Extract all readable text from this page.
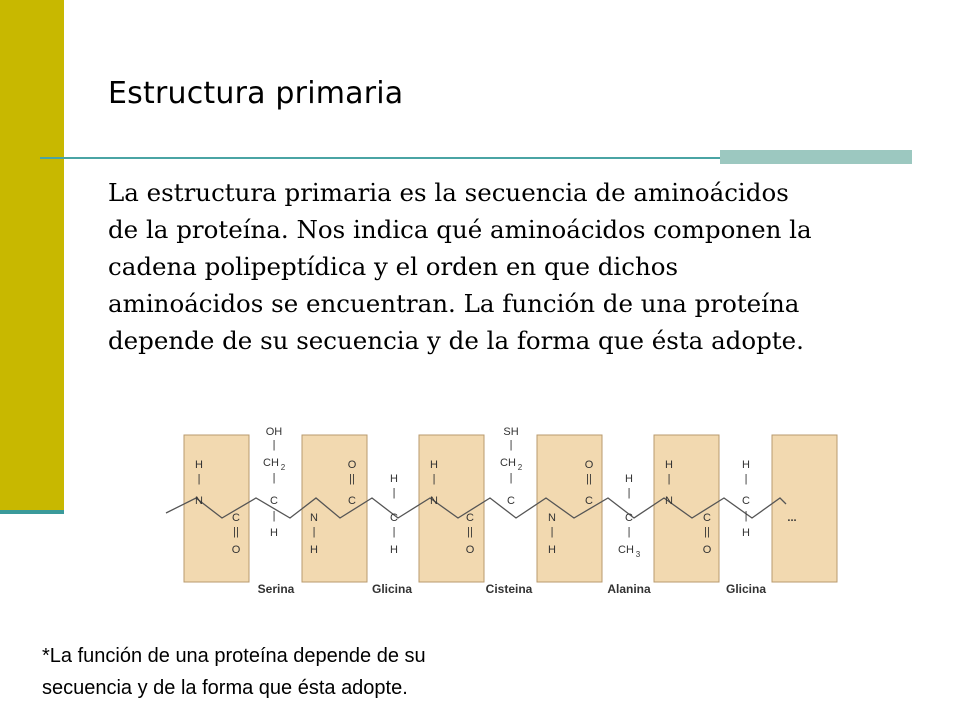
Estructura primaria
La estructura primaria es la secuencia de aminoácidos
de la proteína. Nos indica qué aminoácidos componen la
cadena polipeptídica y el orden en que dichos
aminoácidos se encuentran. La función de una proteína
depende de su secuencia y de la forma que ésta adopte.
OH
|
CH 2
|
H
|
N
C
||
O
C
|
H
N
|
H
O
||
C
H
|
C
|
H
SH
|
CH 2
|
H
|
N
C
||
O
C
N
|
H
O
||
C
H
|
C
|
CH 3
H
|
N
C
||
O
H
|
C
|
H
...
Serina	Glicina	Cisteina	Alanina	Glicina
*La función de una proteína depende de su
secuencia y de la forma que ésta adopte.
